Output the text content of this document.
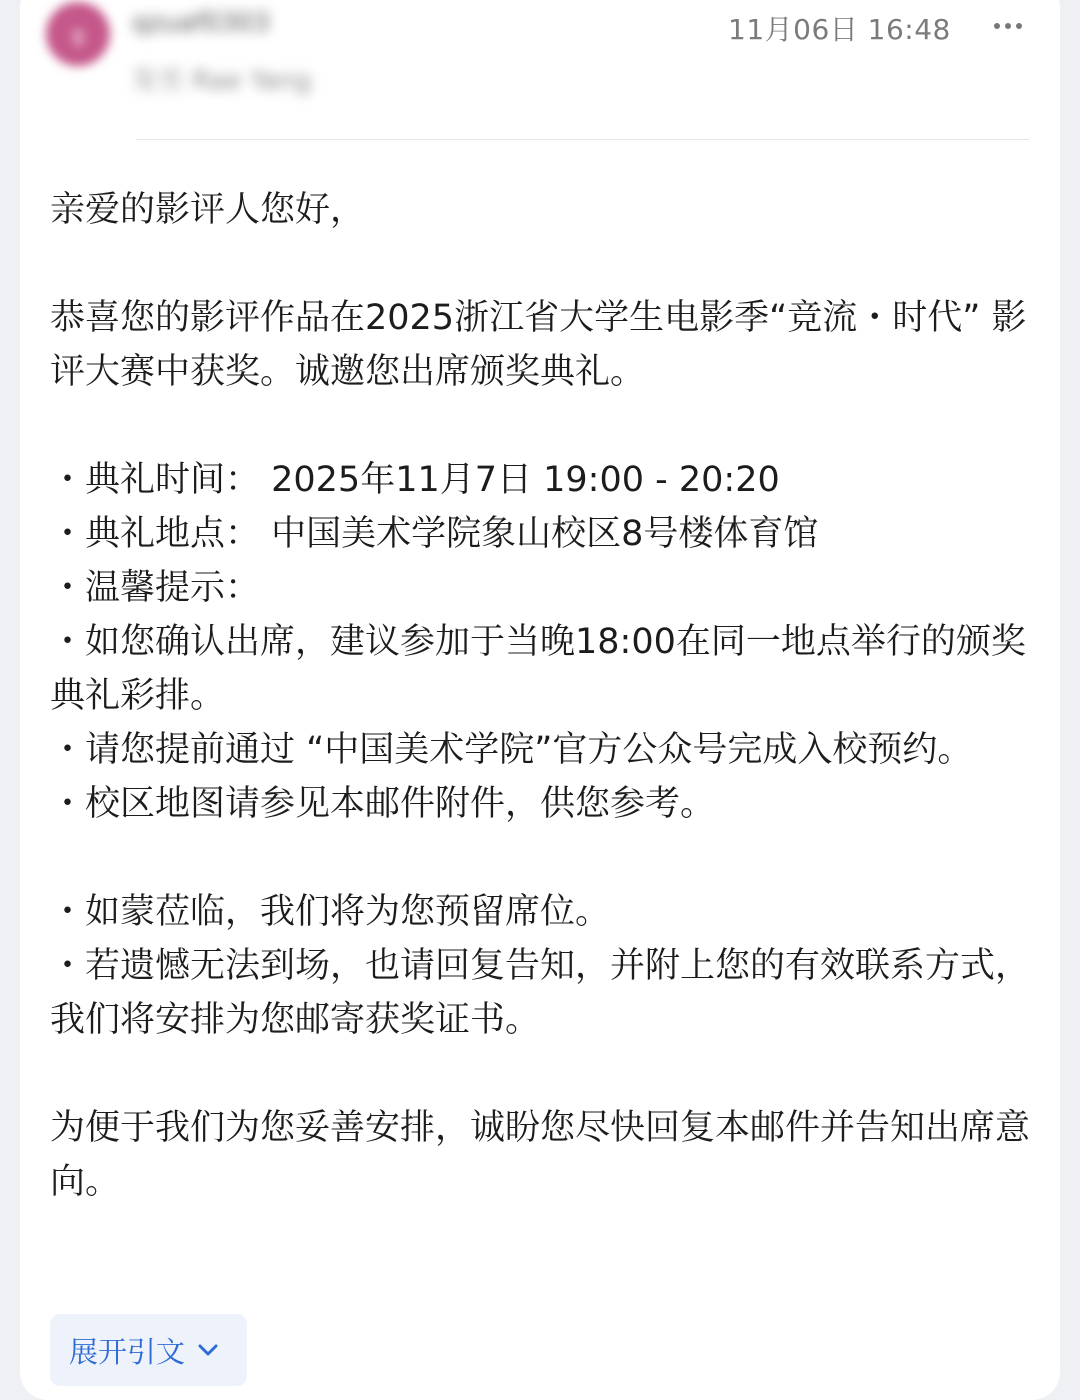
g	qzuaf0303
发至 Rae Yang
11月06日 16:48

亲爱的影评人您好，

恭喜您的影评作品在2025浙江省大学生电影季“竞流・时代” 影评大赛中获奖。诚邀您出席颁奖典礼。

・典礼时间： 2025年11月7日 19:00 - 20:20

・典礼地点： 中国美术学院象山校区8号楼体育馆

・温馨提示：

・如您确认出席，建议参加于当晚18:00在同一地点举行的颁奖典礼彩排。

・请您提前通过 “中国美术学院”官方公众号完成入校预约。

・校区地图请参见本邮件附件，供您参考。

・如蒙莅临，我们将为您预留席位。

・若遗憾无法到场，也请回复告知，并附上您的有效联系方式，我们将安排为您邮寄获奖证书。

为便于我们为您妥善安排，诚盼您尽快回复本邮件并告知出席意向。

展开引文
